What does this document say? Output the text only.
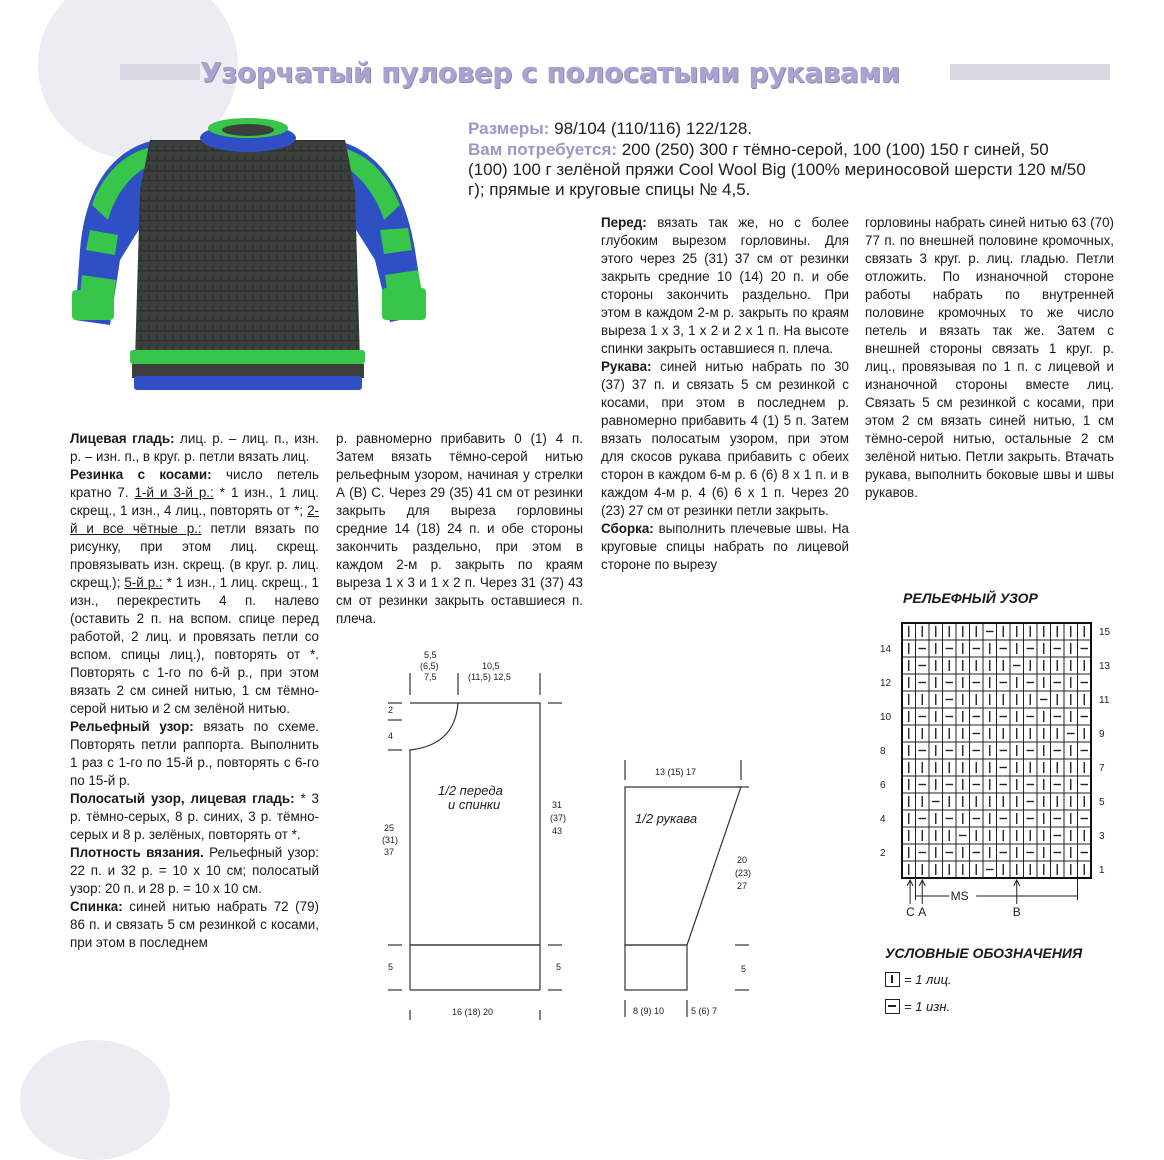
Узорчатый пуловер с полосатыми рукавами
Размеры: 98/104 (110/116) 122/128.
Вам потребуется: 200 (250) 300 г тёмно-серой, 100 (100) 150 г синей, 50 (100) 100 г зелёной пряжи Cool Wool Big (100% мериносовой шерсти 120 м/50 г); прямые и круговые спицы № 4,5.

Лицевая гладь: лиц. р. – лиц. п., изн. р. – изн. п., в круг. р. петли вязать лиц.

Резинка с косами: число петель кратно 7. 1-й и 3-й р.: * 1 изн., 1 лиц. скрещ., 1 изн., 4 лиц., повторять от *; 2-й и все чётные р.: петли вязать по рисунку, при этом лиц. скрещ. провязывать изн. скрещ. (в круг. р. лиц. скрещ.); 5-й р.: * 1 изн., 1 лиц. скрещ., 1 изн., перекрестить 4 п. налево (оставить 2 п. на вспом. спице перед работой, 2 лиц. и провязать петли со вспом. спицы лиц.), повторять от *. Повторять с 1-го по 6-й р., при этом вязать 2 см синей нитью, 1 см тёмно-серой нитью и 2 см зелёной нитью.

Рельефный узор: вязать по схеме. Повторять петли раппорта. Выполнить 1 раз с 1-го по 15-й р., повторять с 6-го по 15-й р.

Полосатый узор, лицевая гладь: * 3 р. тёмно-серых, 8 р. синих, 3 р. тёмно-серых и 8 р. зелёных, повторять от *.

Плотность вязания. Рельефный узор: 22 п. и 32 р. = 10 х 10 см; полосатый узор: 20 п. и 28 р. = 10 х 10 см.

Спинка: синей нитью набрать 72 (79) 86 п. и связать 5 см резинкой с косами, при этом в последнем

р. равномерно прибавить 0 (1) 4 п. Затем вязать тёмно-серой нитью рельефным узором, начиная у стрелки А (В) С. Через 29 (35) 41 см от резинки закрыть для выреза горловины средние 14 (18) 24 п. и обе стороны закончить раздельно, при этом в каждом 2-м р. закрыть по краям выреза 1 х 3 и 1 х 2 п. Через 31 (37) 43 см от резинки закрыть оставшиеся п. плеча.

Перед: вязать так же, но с более глубоким вырезом горловины. Для этого через 25 (31) 37 см от резинки закрыть средние 10 (14) 20 п. и обе стороны закончить раздельно. При этом в каждом 2-м р. закрыть по краям выреза 1 х 3, 1 х 2 и 2 х 1 п. На высоте спинки закрыть оставшиеся п. плеча.

Рукава: синей нитью набрать по 30 (37) 37 п. и связать 5 см резинкой с косами, при этом в последнем р. равномерно прибавить 4 (1) 5 п. Затем вязать полосатым узором, при этом для скосов рукава прибавить с обеих сторон в каждом 6-м р. 6 (6) 8 х 1 п. и в каждом 4-м р. 4 (6) 6 х 1 п. Через 20 (23) 27 см от резинки петли закрыть.

Сборка: выполнить плечевые швы. На круговые спицы набрать по лицевой стороне по вырезу

горловины набрать синей нитью 63 (70) 77 п. по внешней половине кромочных, связать 3 круг. р. лиц. гладью. Петли отложить. По изнаночной стороне работы набрать по внутренней половине кромочных то же число петель и вязать так же. Затем с внешней стороны связать 1 круг. р. лиц., провязывая по 1 п. с лицевой и изнаночной стороны вместе лиц. Связать 5 см резинкой с косами, при этом 2 см вязать синей нитью, 1 см тёмно-серой нитью, остальные 2 см зелёной нитью. Петли закрыть. Втачать рукава, выполнить боковые швы и швы рукавов.

5,5
(6,5)
7,5
10,5
(11,5) 12,5
2
4
25
(31)
37
5
31
(37)
43
5
16 (18) 20
1/2 переда
и спинки
13 (15) 17
20
(23)
27
5
8 (9) 10	5 (6) 7
1/2 рукава
РЕЛЬЕФНЫЙ УЗОР
15
13
11
9
7
5
3
1
14
12
10
8
6
4
2
MS
C A	B
УСЛОВНЫЕ ОБОЗНАЧЕНИЯ
= 1 лиц.
= 1 изн.
